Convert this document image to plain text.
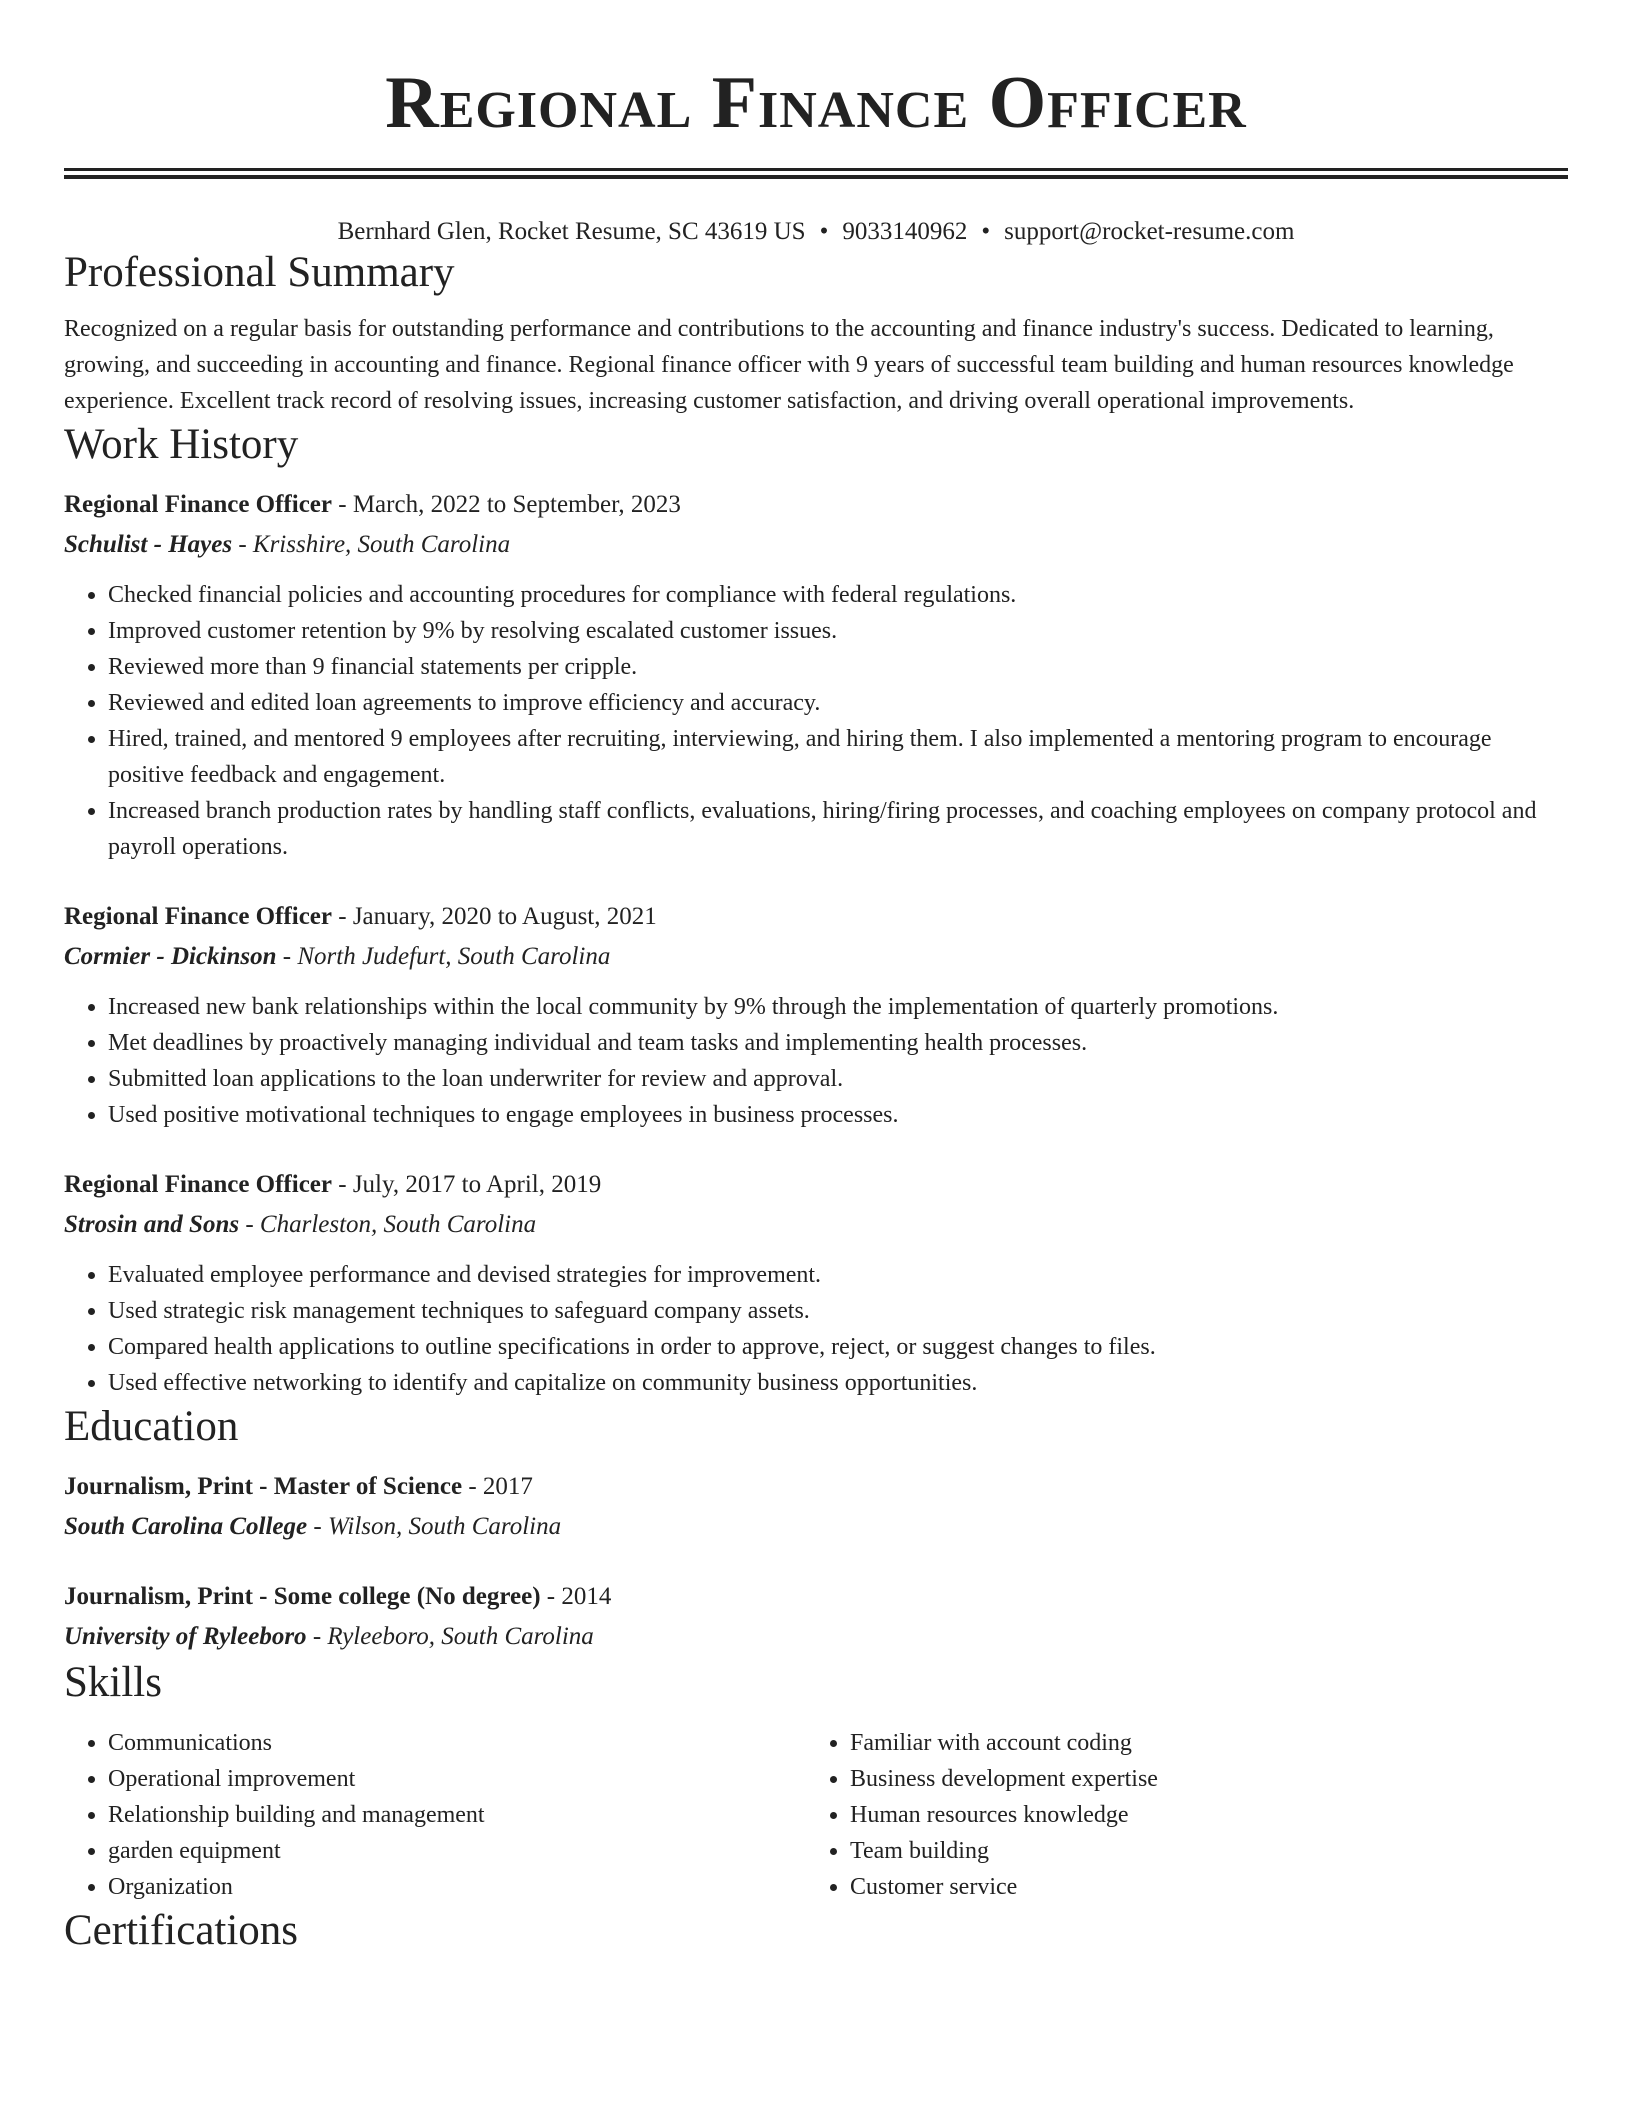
Regional Finance Officer
Bernhard Glen, Rocket Resume, SC 43619 US • 9033140962 • support@rocket-resume.com
Professional Summary
Recognized on a regular basis for outstanding performance and contributions to the accounting and finance industry's success. Dedicated to learning, growing, and succeeding in accounting and finance. Regional finance officer with 9 years of successful team building and human resources knowledge experience. Excellent track record of resolving issues, increasing customer satisfaction, and driving overall operational improvements.
Work History
Regional Finance Officer - March, 2022 to September, 2023
Schulist - Hayes - Krisshire, South Carolina
• Checked financial policies and accounting procedures for compliance with federal regulations.
• Improved customer retention by 9% by resolving escalated customer issues.
• Reviewed more than 9 financial statements per cripple.
• Reviewed and edited loan agreements to improve efficiency and accuracy.
• Hired, trained, and mentored 9 employees after recruiting, interviewing, and hiring them. I also implemented a mentoring program to encourage positive feedback and engagement.
• Increased branch production rates by handling staff conflicts, evaluations, hiring/firing processes, and coaching employees on company protocol and payroll operations.
Regional Finance Officer - January, 2020 to August, 2021
Cormier - Dickinson - North Judefurt, South Carolina
• Increased new bank relationships within the local community by 9% through the implementation of quarterly promotions.
• Met deadlines by proactively managing individual and team tasks and implementing health processes.
• Submitted loan applications to the loan underwriter for review and approval.
• Used positive motivational techniques to engage employees in business processes.
Regional Finance Officer - July, 2017 to April, 2019
Strosin and Sons - Charleston, South Carolina
• Evaluated employee performance and devised strategies for improvement.
• Used strategic risk management techniques to safeguard company assets.
• Compared health applications to outline specifications in order to approve, reject, or suggest changes to files.
• Used effective networking to identify and capitalize on community business opportunities.
Education
Journalism, Print - Master of Science - 2017
South Carolina College - Wilson, South Carolina
Journalism, Print - Some college (No degree) - 2014
University of Ryleeboro - Ryleeboro, South Carolina
Skills
• Communications
• Operational improvement
• Relationship building and management
• garden equipment
• Organization
• Familiar with account coding
• Business development expertise
• Human resources knowledge
• Team building
• Customer service
Certifications
